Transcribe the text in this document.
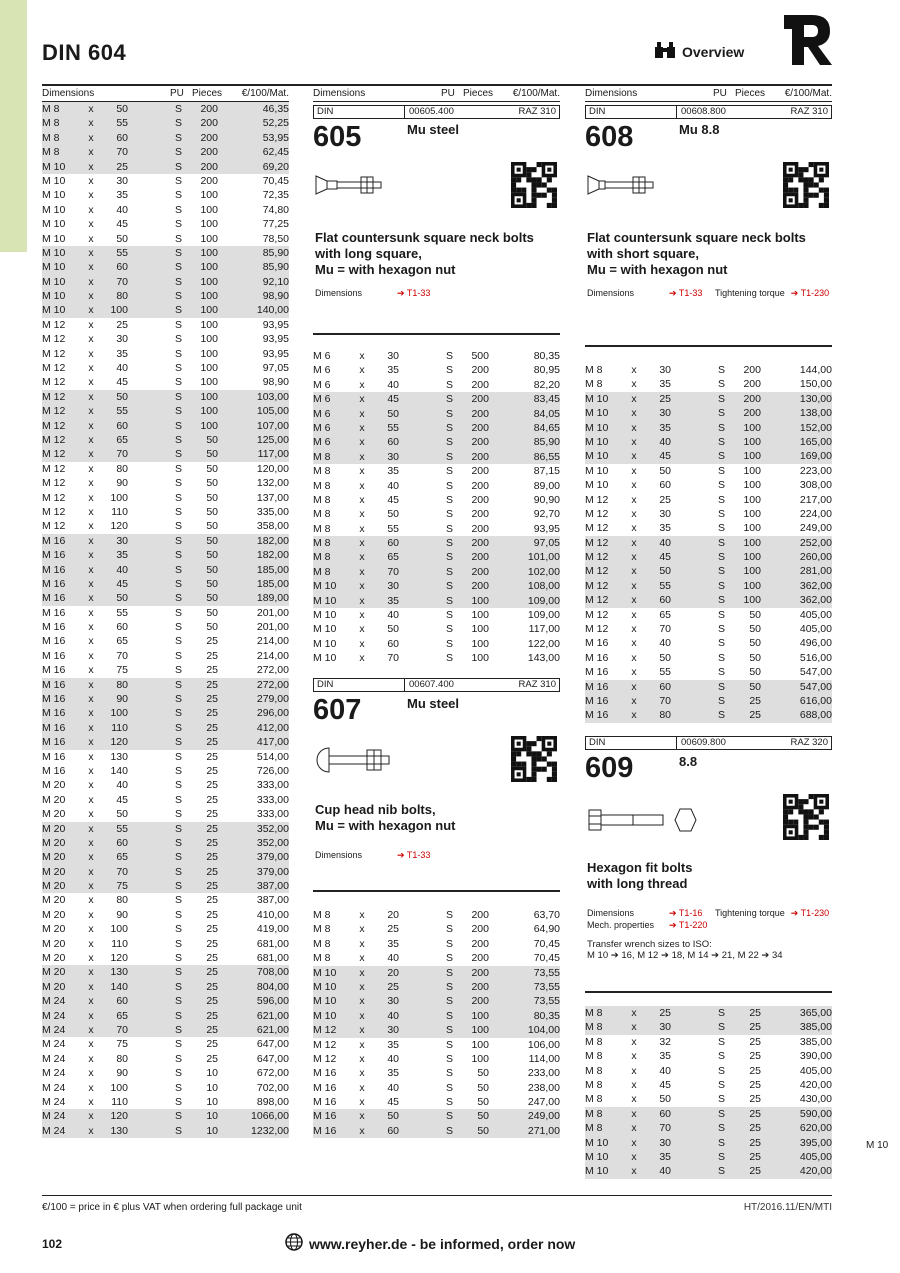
DIN 604	Overview
Dimensions	PU Pieces	€/100/Mat.
M 8	x	50	S	200	46,35
M 8	x	55	S	200	52,25
M 8	x	60	S	200	53,95
M 8	x	70	S	200	62,45
M 10	x	25	S	200	69,20
M 10	x	30	S	200	70,45
M 10	x	35	S	100	72,35
M 10	x	40	S	100	74,80
M 10	x	45	S	100	77,25
M 10	x	50	S	100	78,50
M 10	x	55	S	100	85,90
M 10	x	60	S	100	85,90
M 10	x	70	S	100	92,10
M 10	x	80	S	100	98,90
M 10	x	100	S	100	140,00
M 12	x	25	S	100	93,95
M 12	x	30	S	100	93,95
M 12	x	35	S	100	93,95
M 12	x	40	S	100	97,05
M 12	x	45	S	100	98,90
M 12	x	50	S	100	103,00
M 12	x	55	S	100	105,00
M 12	x	60	S	100	107,00
M 12	x	65	S	50	125,00
M 12	x	70	S	50	117,00
M 12	x	80	S	50	120,00
M 12	x	90	S	50	132,00
M 12	x	100	S	50	137,00
M 12	x	110	S	50	335,00
M 12	x	120	S	50	358,00
M 16	x	30	S	50	182,00
M 16	x	35	S	50	182,00
M 16	x	40	S	50	185,00
M 16	x	45	S	50	185,00
M 16	x	50	S	50	189,00
M 16	x	55	S	50	201,00
M 16	x	60	S	50	201,00
M 16	x	65	S	25	214,00
M 16	x	70	S	25	214,00
M 16	x	75	S	25	272,00
M 16	x	80	S	25	272,00
M 16	x	90	S	25	279,00
M 16	x	100	S	25	296,00
M 16	x	110	S	25	412,00
M 16	x	120	S	25	417,00
M 16	x	130	S	25	514,00
M 16	x	140	S	25	726,00
M 20	x	40	S	25	333,00
M 20	x	45	S	25	333,00
M 20	x	50	S	25	333,00
M 20	x	55	S	25	352,00
M 20	x	60	S	25	352,00
M 20	x	65	S	25	379,00
M 20	x	70	S	25	379,00
M 20	x	75	S	25	387,00
M 20	x	80	S	25	387,00
M 20	x	90	S	25	410,00
M 20	x	100	S	25	419,00
M 20	x	110	S	25	681,00
M 20	x	120	S	25	681,00
M 20	x	130	S	25	708,00
M 20	x	140	S	25	804,00
M 24	x	60	S	25	596,00
M 24	x	65	S	25	621,00
M 24	x	70	S	25	621,00
M 24	x	75	S	25	647,00
M 24	x	80	S	25	647,00
M 24	x	90	S	10	672,00
M 24	x	100	S	10	702,00
M 24	x	110	S	10	898,00
M 24	x	120	S	10	1066,00
M 24	x	130	S	10	1232,00
Dimensions	PU Pieces	€/100/Mat.
DIN	00605.400	RAZ 310
605	Mu steel
Flat countersunk square neck bolts
with long square,
Mu = with hexagon nut
Dimensions	➔ T1-33
M 6	x	30	S	500	80,35
M 6	x	35	S	200	80,95
M 6	x	40	S	200	82,20
M 6	x	45	S	200	83,45
M 6	x	50	S	200	84,05
M 6	x	55	S	200	84,65
M 6	x	60	S	200	85,90
M 8	x	30	S	200	86,55
M 8	x	35	S	200	87,15
M 8	x	40	S	200	89,00
M 8	x	45	S	200	90,90
M 8	x	50	S	200	92,70
M 8	x	55	S	200	93,95
M 8	x	60	S	200	97,05
M 8	x	65	S	200	101,00
M 8	x	70	S	200	102,00
M 10	x	30	S	200	108,00
M 10	x	35	S	100	109,00
M 10	x	40	S	100	109,00
M 10	x	50	S	100	117,00
M 10	x	60	S	100	122,00
M 10	x	70	S	100	143,00
DIN	00607.400	RAZ 310
607	Mu steel
Cup head nib bolts,
Mu = with hexagon nut
Dimensions	➔ T1-33
M 8	x	20	S	200	63,70
M 8	x	25	S	200	64,90
M 8	x	35	S	200	70,45
M 8	x	40	S	200	70,45
M 10	x	20	S	200	73,55
M 10	x	25	S	200	73,55
M 10	x	30	S	200	73,55
M 10	x	40	S	100	80,35
M 12	x	30	S	100	104,00
M 12	x	35	S	100	106,00
M 12	x	40	S	100	114,00
M 16	x	35	S	50	233,00
M 16	x	40	S	50	238,00
M 16	x	45	S	50	247,00
M 16	x	50	S	50	249,00
M 16	x	60	S	50	271,00
Dimensions	PU Pieces	€/100/Mat.
DIN	00608.800	RAZ 310
608	Mu 8.8
Flat countersunk square neck bolts
with short square,
Mu = with hexagon nut
Dimensions	➔ T1-33	Tightening torque ➔ T1-230
M 8	x	30	S	200	144,00
M 8	x	35	S	200	150,00
M 10	x	25	S	200	130,00
M 10	x	30	S	200	138,00
M 10	x	35	S	100	152,00
M 10	x	40	S	100	165,00
M 10	x	45	S	100	169,00
M 10	x	50	S	100	223,00
M 10	x	60	S	100	308,00
M 12	x	25	S	100	217,00
M 12	x	30	S	100	224,00
M 12	x	35	S	100	249,00
M 12	x	40	S	100	252,00
M 12	x	45	S	100	260,00
M 12	x	50	S	100	281,00
M 12	x	55	S	100	362,00
M 12	x	60	S	100	362,00
M 12	x	65	S	50	405,00
M 12	x	70	S	50	405,00
M 16	x	40	S	50	496,00
M 16	x	50	S	50	516,00
M 16	x	55	S	50	547,00
M 16	x	60	S	50	547,00
M 16	x	70	S	25	616,00
M 16	x	80	S	25	688,00
DIN	00609.800	RAZ 320
609	8.8
Hexagon fit bolts
with long thread
Dimensions	➔ T1-16	Tightening torque ➔ T1-230
Mech. properties	➔ T1-220
Transfer wrench sizes to ISO:
M 10 ➔ 16, M 12 ➔ 18, M 14 ➔ 21, M 22 ➔ 34
M 8	x	25	S	25	365,00
M 8	x	30	S	25	385,00
M 8	x	32	S	25	385,00
M 8	x	35	S	25	390,00
M 8	x	40	S	25	405,00
M 8	x	45	S	25	420,00
M 8	x	50	S	25	430,00
M 8	x	60	S	25	590,00
M 8	x	70	S	25	620,00
M 10	x	30	S	25	395,00
M 10	x	35	S	25	405,00
M 10	x	40	S	25	420,00
M 10
€/100 = price in € plus VAT when ordering full package unit	HT/2016.11/EN/MTI
102	www.reyher.de - be informed, order now
